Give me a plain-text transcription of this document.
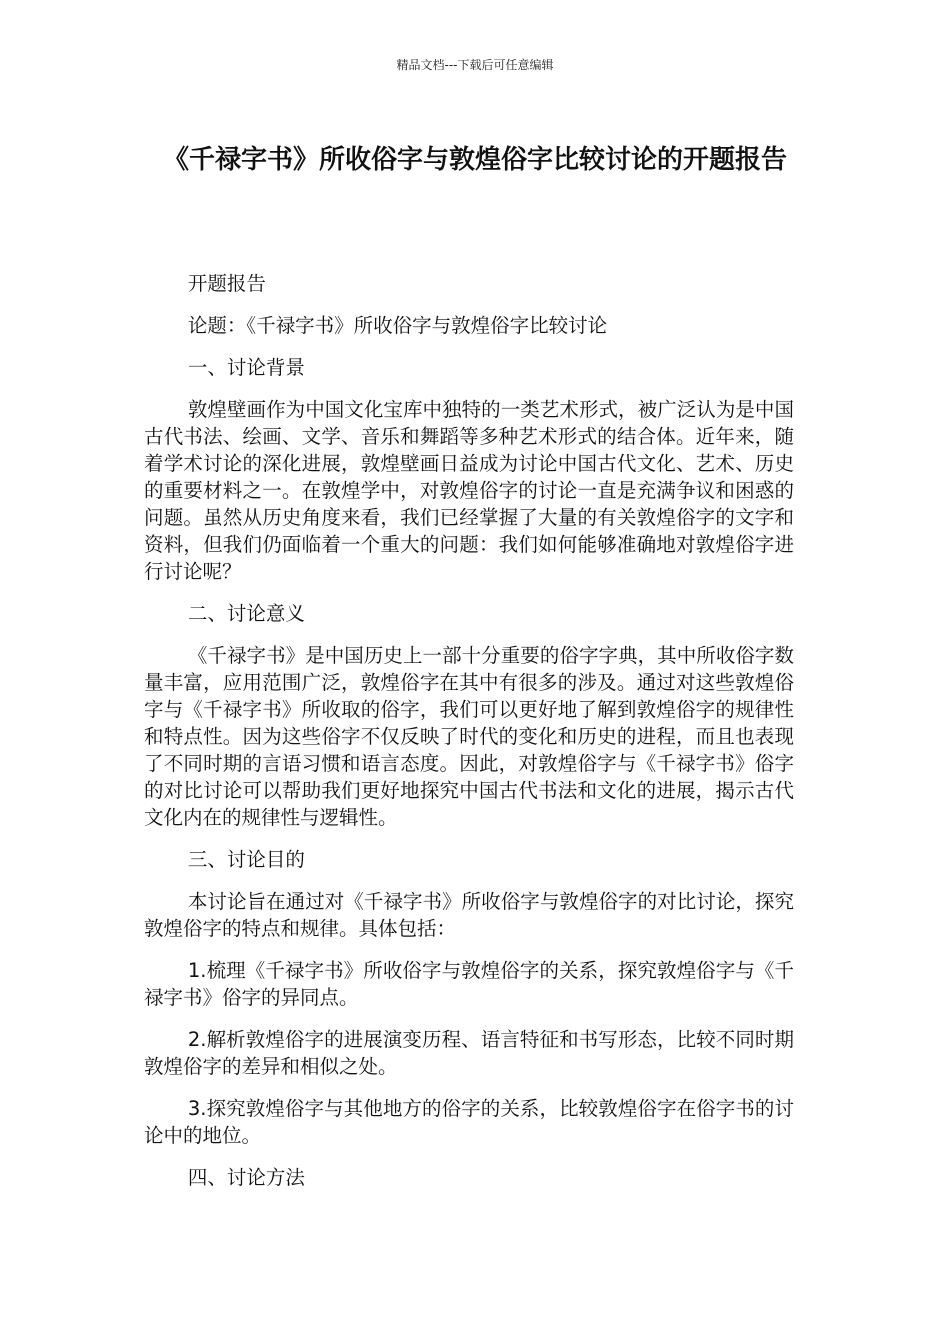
精品文档---下载后可任意编辑
《千禄字书》所收俗字与敦煌俗字比较讨论的开题报告

开题报告

论题：《千禄字书》所收俗字与敦煌俗字比较讨论

一、讨论背景

敦煌壁画作为中国文化宝库中独特的一类艺术形式，被广泛认为是中国古代书法、绘画、文学、音乐和舞蹈等多种艺术形式的结合体。近年来，随着学术讨论的深化进展，敦煌壁画日益成为讨论中国古代文化、艺术、历史的重要材料之一。在敦煌学中，对敦煌俗字的讨论一直是充满争议和困惑的问题。虽然从历史角度来看，我们已经掌握了大量的有关敦煌俗字的文字和资料，但我们仍面临着一个重大的问题：我们如何能够准确地对敦煌俗字进行讨论呢？

二、讨论意义

《千禄字书》是中国历史上一部十分重要的俗字字典，其中所收俗字数量丰富，应用范围广泛，敦煌俗字在其中有很多的涉及。通过对这些敦煌俗字与《千禄字书》所收取的俗字，我们可以更好地了解到敦煌俗字的规律性和特点性。因为这些俗字不仅反映了时代的变化和历史的进程，而且也表现了不同时期的言语习惯和语言态度。因此，对敦煌俗字与《千禄字书》俗字的对比讨论可以帮助我们更好地探究中国古代书法和文化的进展，揭示古代文化内在的规律性与逻辑性。

三、讨论目的

本讨论旨在通过对《千禄字书》所收俗字与敦煌俗字的对比讨论，探究敦煌俗字的特点和规律。具体包括：

1.梳理《千禄字书》所收俗字与敦煌俗字的关系，探究敦煌俗字与《千禄字书》俗字的异同点。

2.解析敦煌俗字的进展演变历程、语言特征和书写形态，比较不同时期敦煌俗字的差异和相似之处。

3.探究敦煌俗字与其他地方的俗字的关系，比较敦煌俗字在俗字书的讨论中的地位。

四、讨论方法
